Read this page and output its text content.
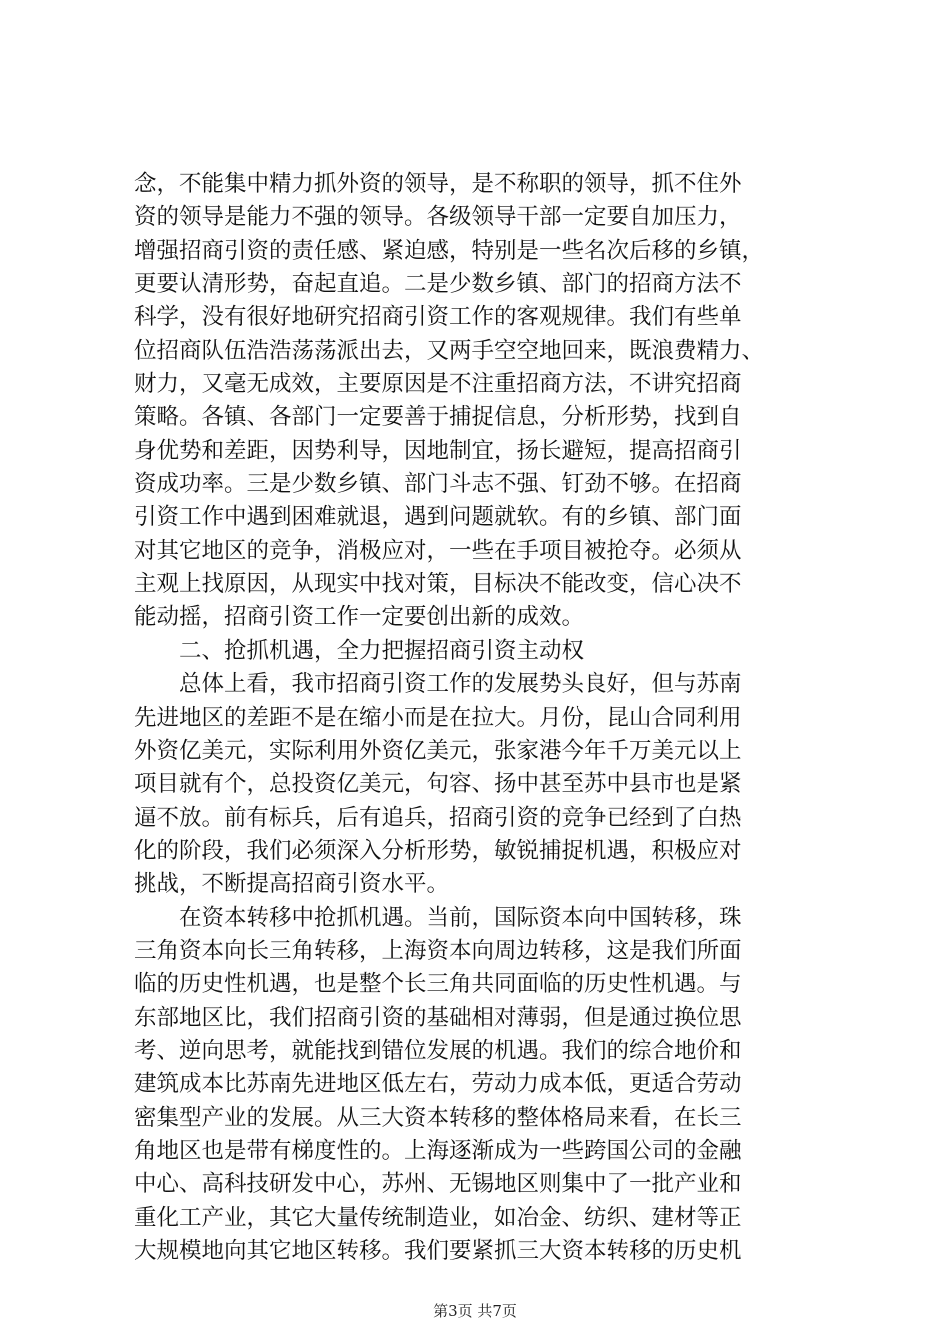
念，不能集中精力抓外资的领导，是不称职的领导，抓不住外
资的领导是能力不强的领导。各级领导干部一定要自加压力，
增强招商引资的责任感、紧迫感，特别是一些名次后移的乡镇，
更要认清形势，奋起直追。二是少数乡镇、部门的招商方法不
科学，没有很好地研究招商引资工作的客观规律。我们有些单
位招商队伍浩浩荡荡派出去，又两手空空地回来，既浪费精力、
财力，又毫无成效，主要原因是不注重招商方法，不讲究招商
策略。各镇、各部门一定要善于捕捉信息，分析形势，找到自
身优势和差距，因势利导，因地制宜，扬长避短，提高招商引
资成功率。三是少数乡镇、部门斗志不强、钉劲不够。在招商
引资工作中遇到困难就退，遇到问题就软。有的乡镇、部门面
对其它地区的竞争，消极应对，一些在手项目被抢夺。必须从
主观上找原因，从现实中找对策，目标决不能改变，信心决不
能动摇，招商引资工作一定要创出新的成效。
　　二、抢抓机遇，全力把握招商引资主动权
　　总体上看，我市招商引资工作的发展势头良好，但与苏南
先进地区的差距不是在缩小而是在拉大。月份，昆山合同利用
外资亿美元，实际利用外资亿美元，张家港今年千万美元以上
项目就有个，总投资亿美元，句容、扬中甚至苏中县市也是紧
逼不放。前有标兵，后有追兵，招商引资的竞争已经到了白热
化的阶段，我们必须深入分析形势，敏锐捕捉机遇，积极应对
挑战，不断提高招商引资水平。
　　在资本转移中抢抓机遇。当前，国际资本向中国转移，珠
三角资本向长三角转移，上海资本向周边转移，这是我们所面
临的历史性机遇，也是整个长三角共同面临的历史性机遇。与
东部地区比，我们招商引资的基础相对薄弱，但是通过换位思
考、逆向思考，就能找到错位发展的机遇。我们的综合地价和
建筑成本比苏南先进地区低左右，劳动力成本低，更适合劳动
密集型产业的发展。从三大资本转移的整体格局来看，在长三
角地区也是带有梯度性的。上海逐渐成为一些跨国公司的金融
中心、高科技研发中心，苏州、无锡地区则集中了一批产业和
重化工产业，其它大量传统制造业，如冶金、纺织、建材等正
大规模地向其它地区转移。我们要紧抓三大资本转移的历史机
第3页 共7页
